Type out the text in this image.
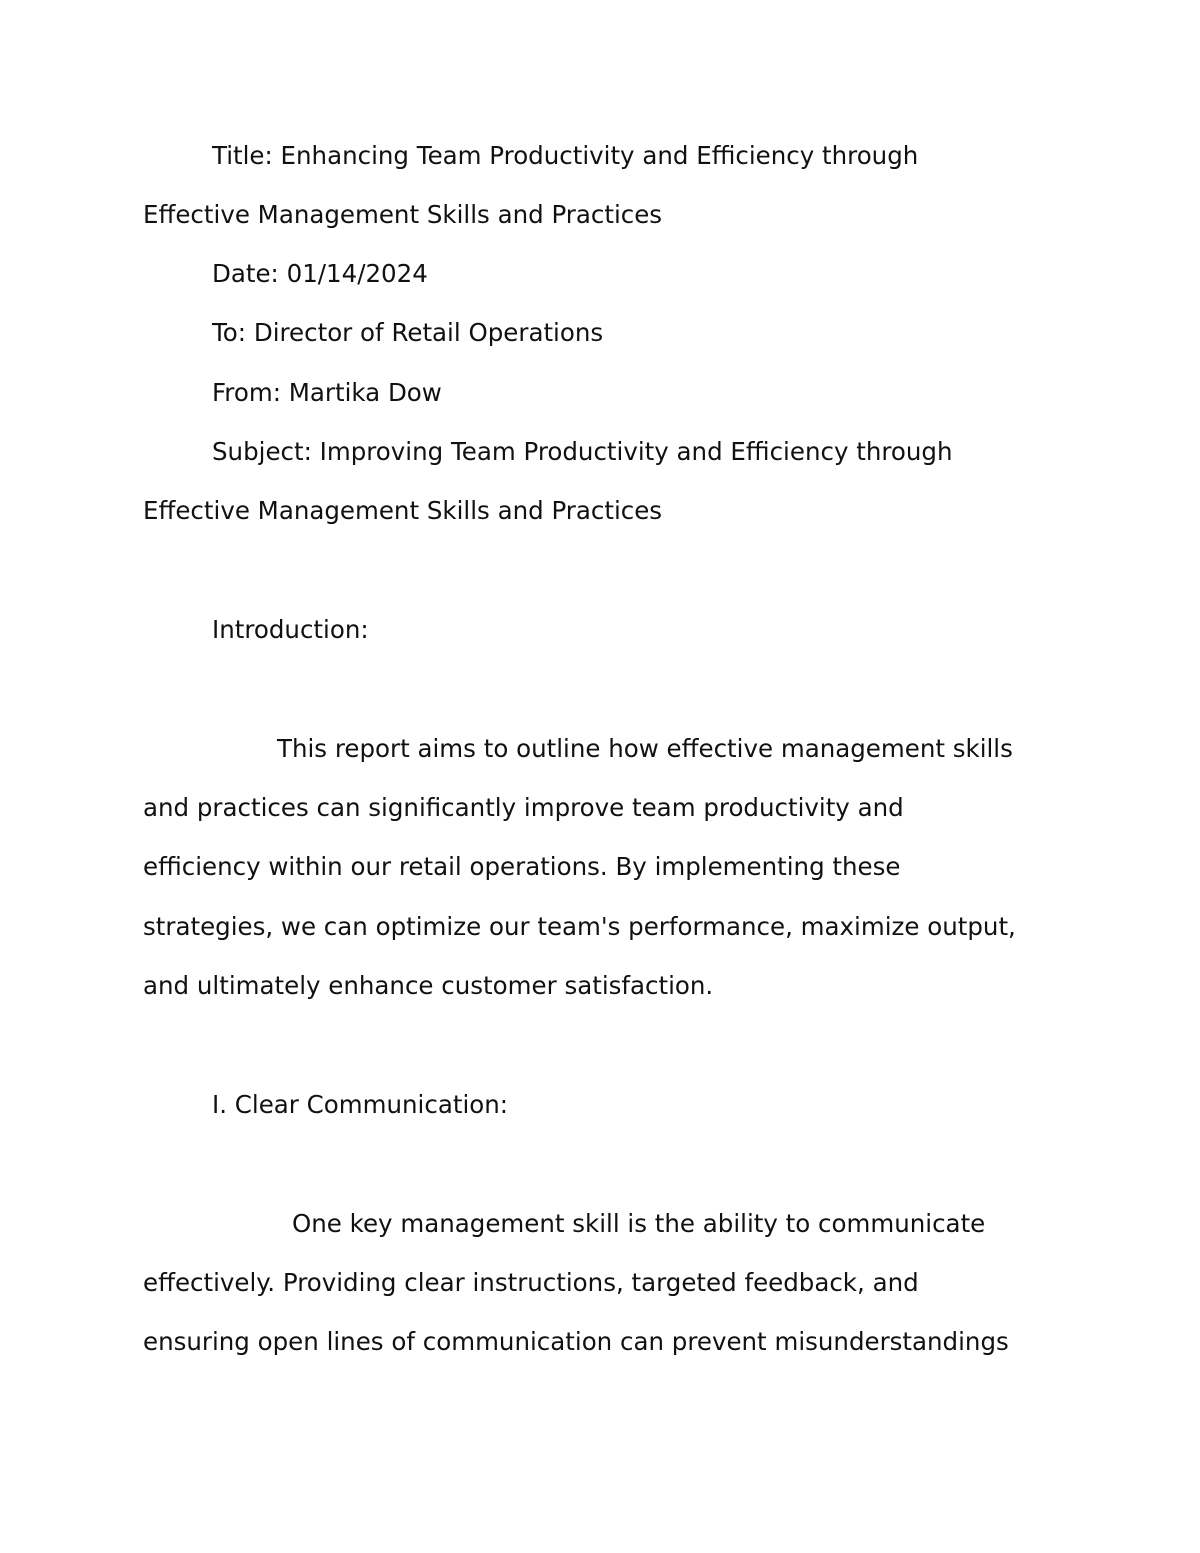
Title: Enhancing Team Productivity and Efficiency through
Effective Management Skills and Practices
Date: 01/14/2024
To: Director of Retail Operations
From: Martika Dow
Subject: Improving Team Productivity and Efficiency through
Effective Management Skills and Practices
Introduction:
This report aims to outline how effective management skills
and practices can significantly improve team productivity and
efficiency within our retail operations. By implementing these
strategies, we can optimize our team's performance, maximize output,
and ultimately enhance customer satisfaction.
I. Clear Communication:
One key management skill is the ability to communicate
effectively. Providing clear instructions, targeted feedback, and
ensuring open lines of communication can prevent misunderstandings
